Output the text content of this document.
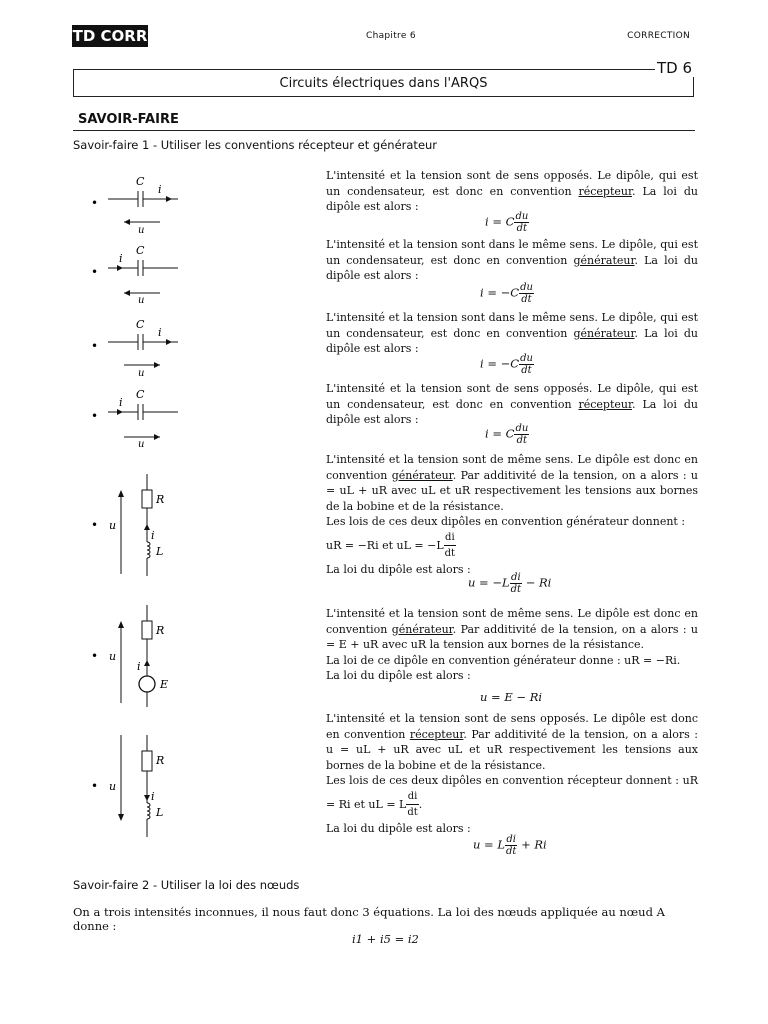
TD CORR	Chapitre 6	CORRECTION
Circuits électriques dans l'ARQS
TD 6
SAVOIR-FAIRE
Savoir-faire 1 - Utiliser les conventions récepteur et générateur
•
C
i
u
•
C
i
u
•
C
i
u
•
C
i
u
• u
R
i
L
• u
R
i
E
• u
R
i
L
L'intensité et la tension sont de sens opposés. Le dipôle, qui est un condensateur, est donc en convention récepteur. La loi du dipôle est alors :
i = C $\frac{du}{dt}$
L'intensité et la tension sont dans le même sens. Le dipôle, qui est un condensateur, est donc en convention générateur. La loi du dipôle est alors :
$i = -C \frac{du}{dt}$
L'intensité et la tension sont dans le même sens. Le dipôle, qui est un condensateur, est donc en convention générateur. La loi du dipôle est alors :
$i = -C \frac{du}{dt}$
L'intensité et la tension sont de sens opposés. Le dipôle, qui est un condensateur, est donc en convention récepteur. La loi du dipôle est alors :
i = C $\frac{du}{dt}$
L'intensité et la tension sont de même sens. Le dipôle est donc en convention générateur. Par additivité de la tension, on a alors : u = uL + uR avec uL et uR respectivement les tensions aux bornes de la bobine et de la résistance.
Les lois de ces deux dipôles en convention générateur donnent :
uR = −Ri et uL = $-L \frac{di}{dt}$

La loi du dipôle est alors :
$u = -L \frac{di}{dt} - Ri$
L'intensité et la tension sont de même sens. Le dipôle est donc en convention générateur. Par additivité de la tension, on a alors : u = E + uR avec uR la tension aux bornes de la résistance.
La loi de ce dipôle en convention générateur donne : uR = −Ri.
La loi du dipôle est alors :
u = E − Ri
L'intensité et la tension sont de sens opposés. Le dipôle est donc en convention récepteur. Par additivité de la tension, on a alors : u = uL + uR avec uL et uR respectivement les tensions aux bornes de la bobine et de la résistance.
Les lois de ces deux dipôles en convention récepteur donnent : uR = Ri et uL = L $\frac{di}{dt}$ .
La loi du dipôle est alors :
u = L $\frac{di}{dt} + Ri$
Savoir-faire 2 - Utiliser la loi des nœuds
On a trois intensités inconnues, il nous faut donc 3 équations. La loi des nœuds appliquée au nœud A donne :
i1 + i5 = i2
